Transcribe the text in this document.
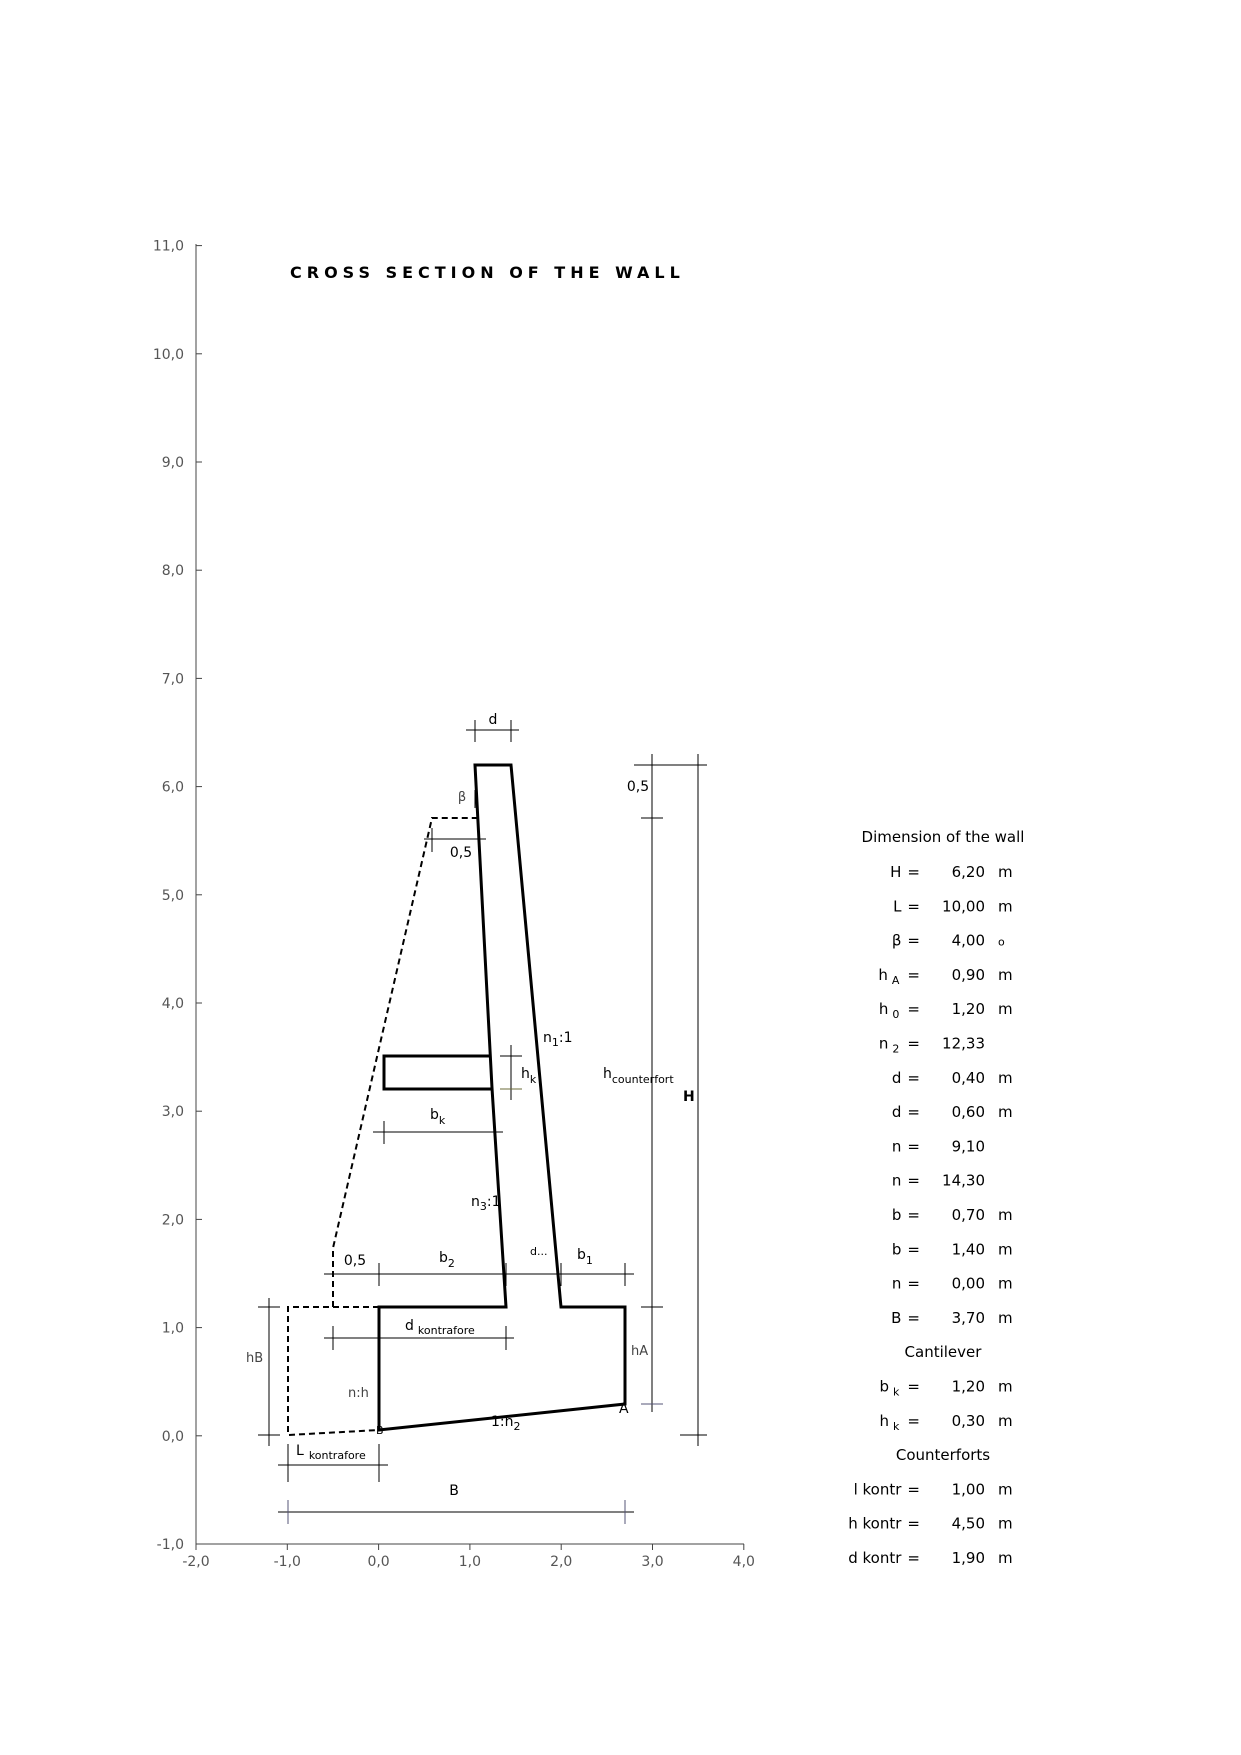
CROSS SECTION OF THE WALL
-2,0	-1,0	0,0	1,0	2,0	3,0	4,0
-1,0
0,0
1,0
2,0
3,0
4,0
5,0
6,0
7,0
8,0
9,0
10,0
11,0
d
β
0,5
0,5
$n_1:1$
$h_k$	$h_{counterfort}$
H
$b_k$
$n_3:1$
0,5	$b_2$
d... $b_1$
d $_{kontrafore}$
hB	hA
n:h
B
A
$1:n_2$
L $_{kontrafore}$
B
Dimension of the wall
H = 6,20 m
L = 10,00 m
β = 4,00 o
h $_A$ = 0,90 m
h $_0$ = 1,20 m
n $_2$ = 12,33
d = 0,40 m
d = 0,60 m
n = 9,10
n = 14,30
b = 0,70 m
b = 1,40 m
n = 0,00 m
B = 3,70 m
Cantilever
b $_k$ = 1,20 m
h $_k$ = 0,30 m
Counterforts
l kontr = 1,00 m
h kontr = 4,50 m
d kontr = 1,90 m
